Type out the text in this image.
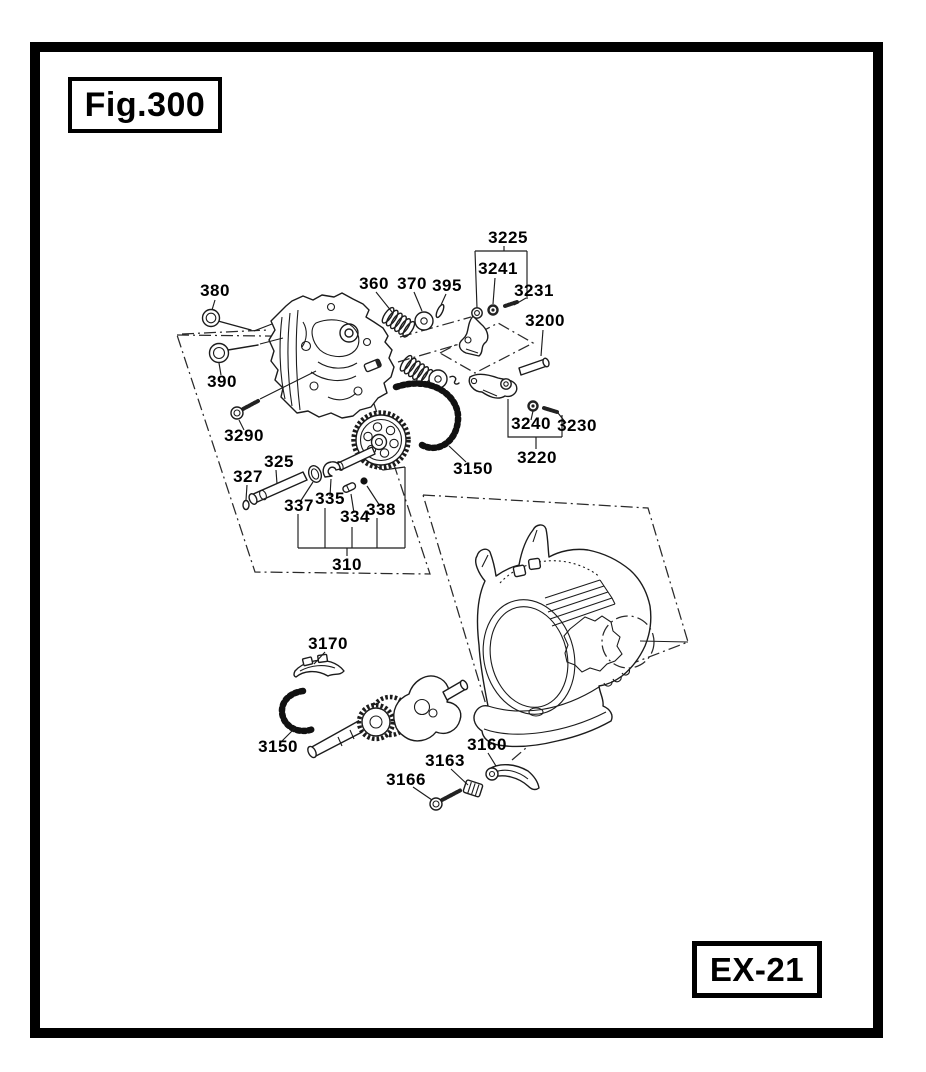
Fig.300
380
390
3290
360 370 395
3225
3241
3231
3200
3240 3230
3220
3150
325
327
337 335
334
338
310
3170
3150	3160
3163
3166
EX-21
